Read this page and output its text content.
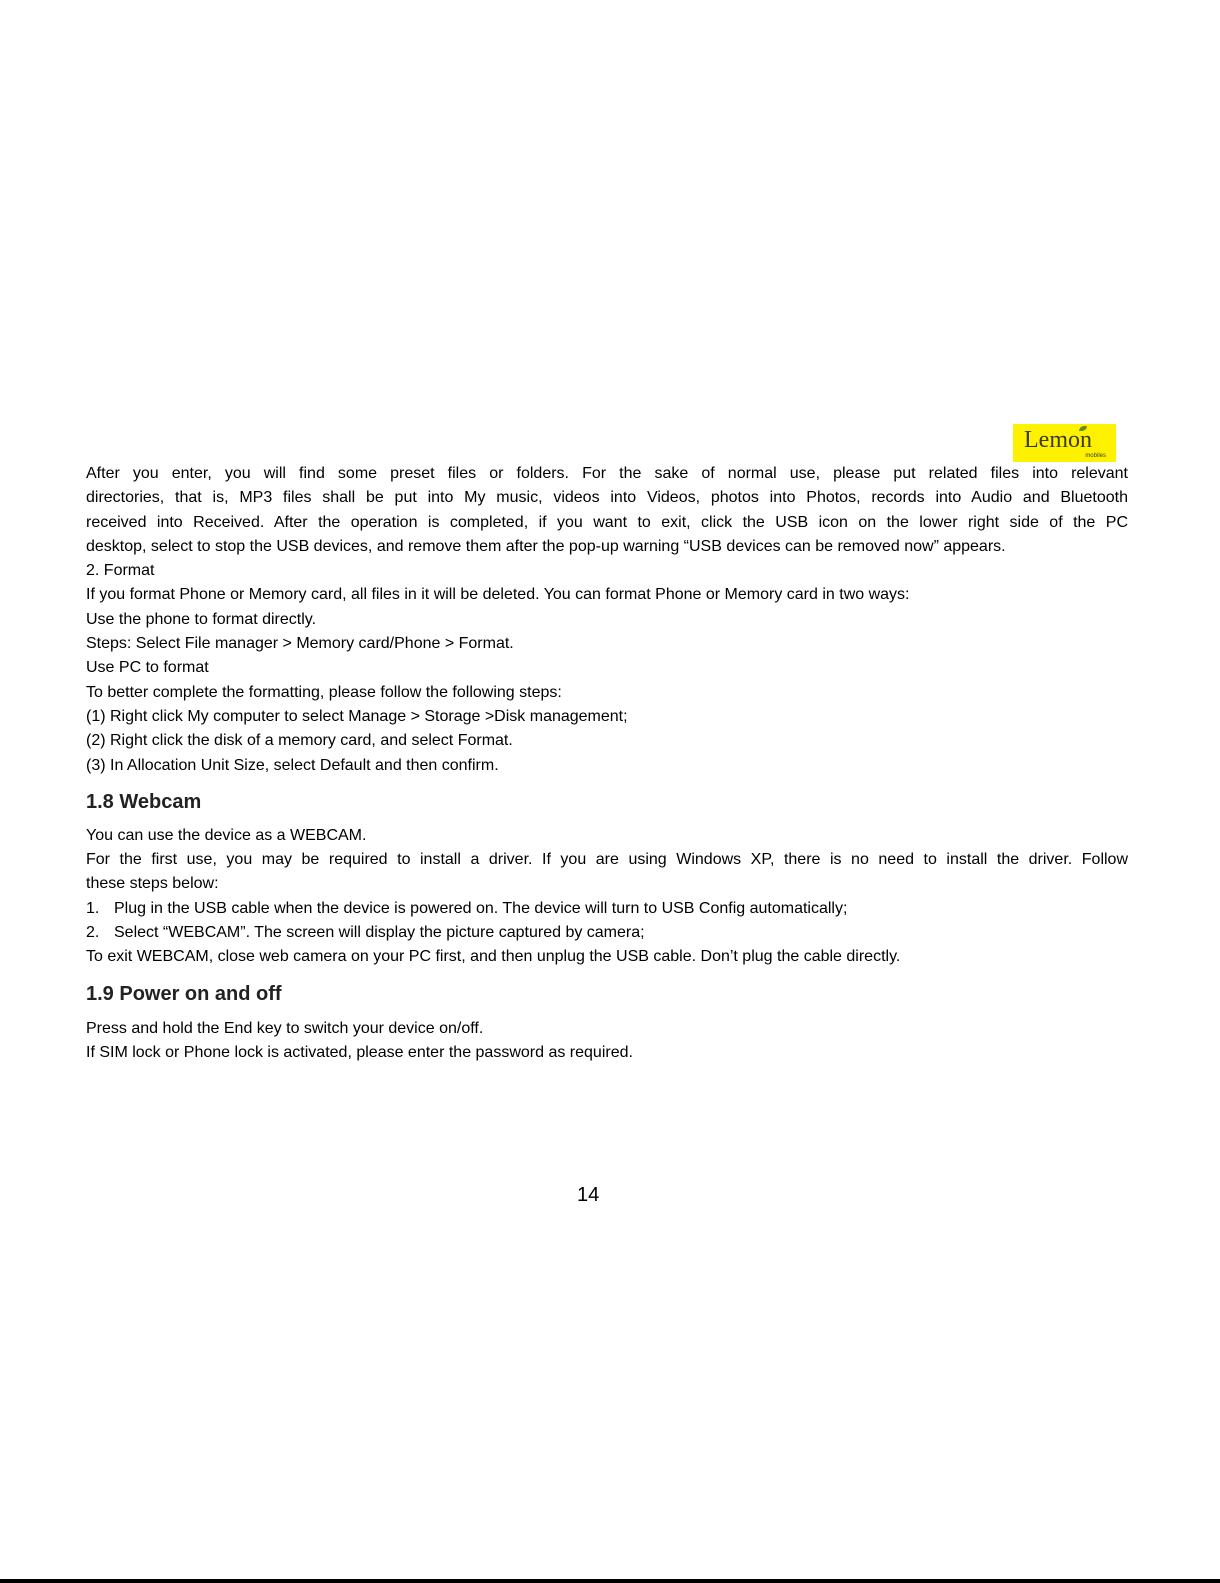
Lemon
mobiles

After you enter, you will find some preset files or folders. For the sake of normal use, please put related files into relevant

directories, that is, MP3 files shall be put into My music, videos into Videos, photos into Photos, records into Audio and Bluetooth

received into Received. After the operation is completed, if you want to exit, click the USB icon on the lower right side of the PC

desktop, select to stop the USB devices, and remove them after the pop-up warning “USB devices can be removed now” appears.

2. Format

If you format Phone or Memory card, all files in it will be deleted. You can format Phone or Memory card in two ways:

Use the phone to format directly.

Steps: Select File manager > Memory card/Phone > Format.

Use PC to format

To better complete the formatting, please follow the following steps:

(1) Right click My computer to select Manage > Storage >Disk management;

(2) Right click the disk of a memory card, and select Format.

(3) In Allocation Unit Size, select Default and then confirm.

1.8 Webcam

You can use the device as a WEBCAM.

For the first use, you may be required to install a driver. If you are using Windows XP, there is no need to install the driver. Follow

these steps below:

1. Plug in the USB cable when the device is powered on. The device will turn to USB Config automatically;

2. Select “WEBCAM”. The screen will display the picture captured by camera;

To exit WEBCAM, close web camera on your PC first, and then unplug the USB cable. Don’t plug the cable directly.

1.9 Power on and off

Press and hold the End key to switch your device on/off.

If SIM lock or Phone lock is activated, please enter the password as required.

14
